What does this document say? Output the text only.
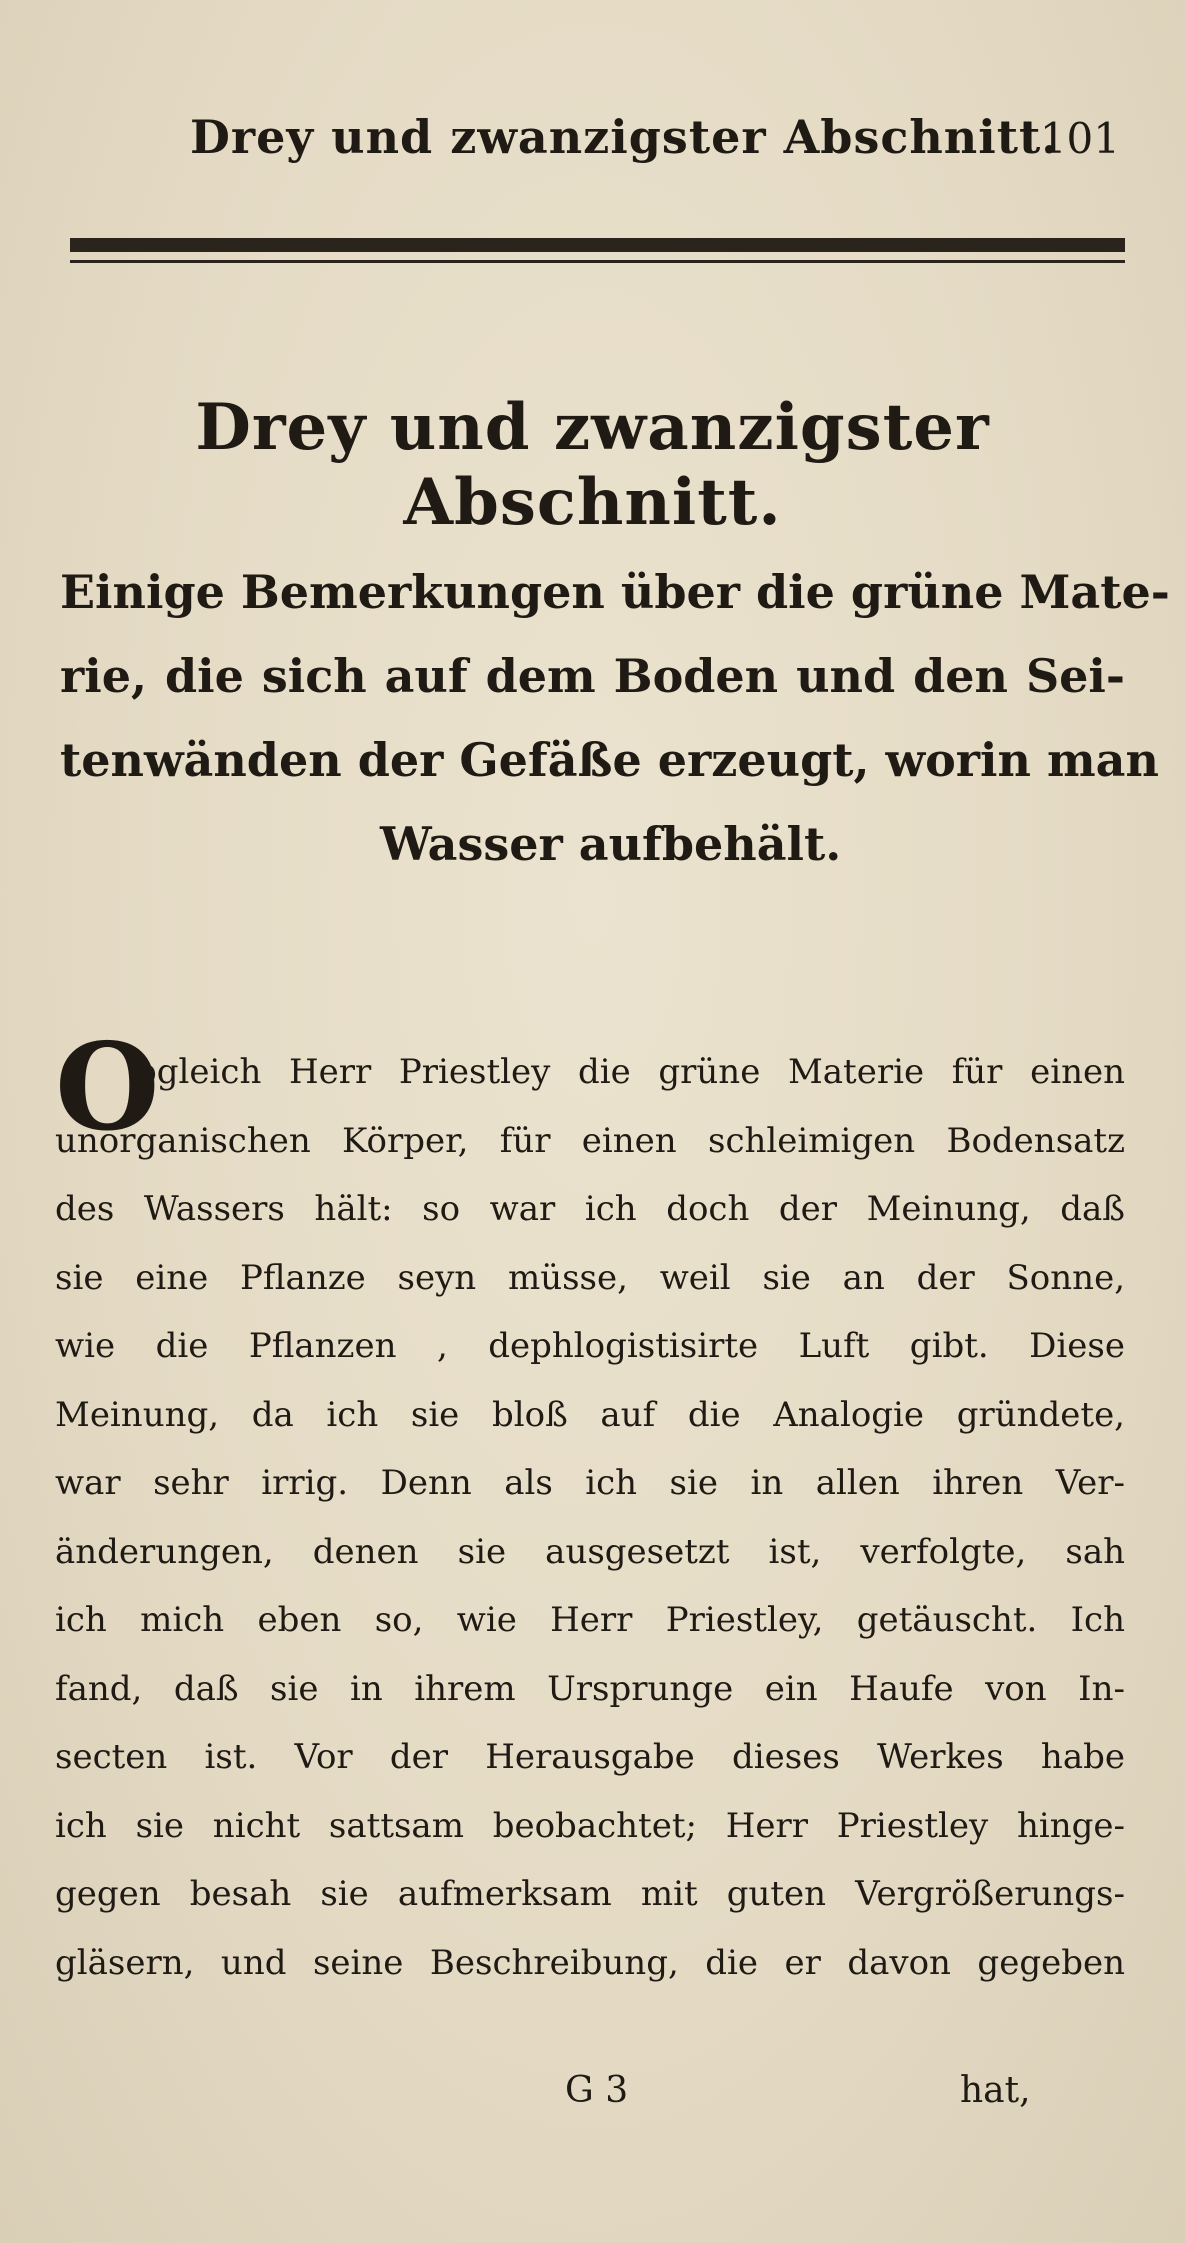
Drey und zwanzigster Abschnitt.
101
Drey und zwanzigster Abschnitt.
Einige Bemerkungen über die grüne Mate-
rie, die sich auf dem Boden und den Sei-
tenwänden der Gefäße erzeugt, worin man
Wasser aufbehält.
O
bgleich Herr Priestley die grüne Materie für einen
unorganischen Körper, für einen schleimigen Bodensatz
des Wassers hält: so war ich doch der Meinung, daß
sie eine Pflanze seyn müsse, weil sie an der Sonne,
wie die Pflanzen , dephlogistisirte Luft gibt. Diese
Meinung, da ich sie bloß auf die Analogie gründete,
war sehr irrig. Denn als ich sie in allen ihren Ver-
änderungen, denen sie ausgesetzt ist, verfolgte, sah
ich mich eben so, wie Herr Priestley, getäuscht. Ich
fand, daß sie in ihrem Ursprunge ein Haufe von In-
secten ist. Vor der Herausgabe dieses Werkes habe
ich sie nicht sattsam beobachtet; Herr Priestley hinge-
gegen besah sie aufmerksam mit guten Vergrößerungs-
gläsern, und seine Beschreibung, die er davon gegeben
G 3	hat,
